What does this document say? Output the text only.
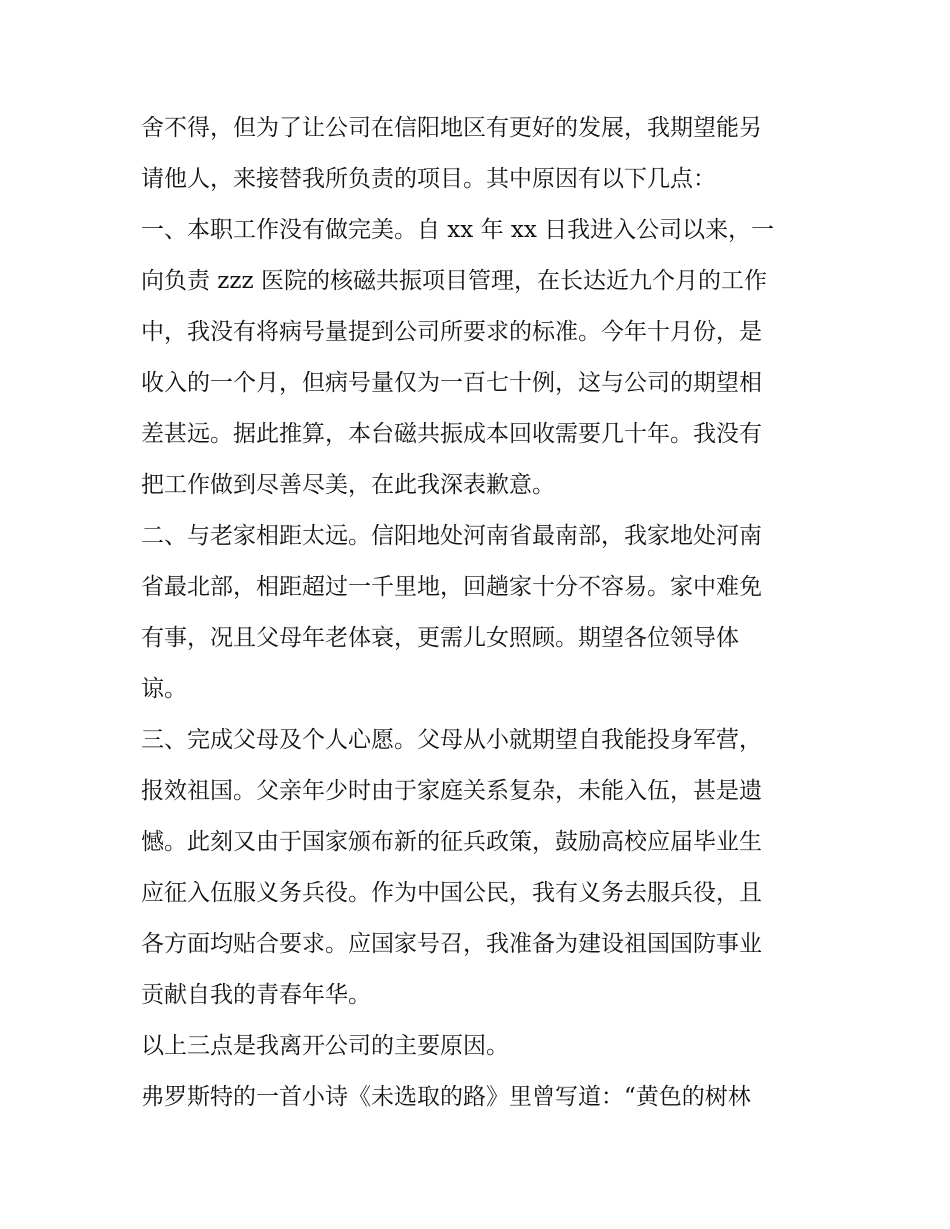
舍不得，但为了让公司在信阳地区有更好的发展，我期望能另

请他人，来接替我所负责的项目。其中原因有以下几点：

一、本职工作没有做完美。自 xx 年 xx 日我进入公司以来，一

向负责 zzz 医院的核磁共振项目管理，在长达近九个月的工作

中，我没有将病号量提到公司所要求的标准。今年十月份，是

收入的一个月，但病号量仅为一百七十例，这与公司的期望相

差甚远。据此推算，本台磁共振成本回收需要几十年。我没有

把工作做到尽善尽美，在此我深表歉意。

二、与老家相距太远。信阳地处河南省最南部，我家地处河南

省最北部，相距超过一千里地，回趟家十分不容易。家中难免

有事，况且父母年老体衰，更需儿女照顾。期望各位领导体

谅。

三、完成父母及个人心愿。父母从小就期望自我能投身军营，

报效祖国。父亲年少时由于家庭关系复杂，未能入伍，甚是遗

憾。此刻又由于国家颁布新的征兵政策，鼓励高校应届毕业生

应征入伍服义务兵役。作为中国公民，我有义务去服兵役，且

各方面均贴合要求。应国家号召，我准备为建设祖国国防事业

贡献自我的青春年华。

以上三点是我离开公司的主要原因。

弗罗斯特的一首小诗《未选取的路》里曾写道：“黄色的树林
